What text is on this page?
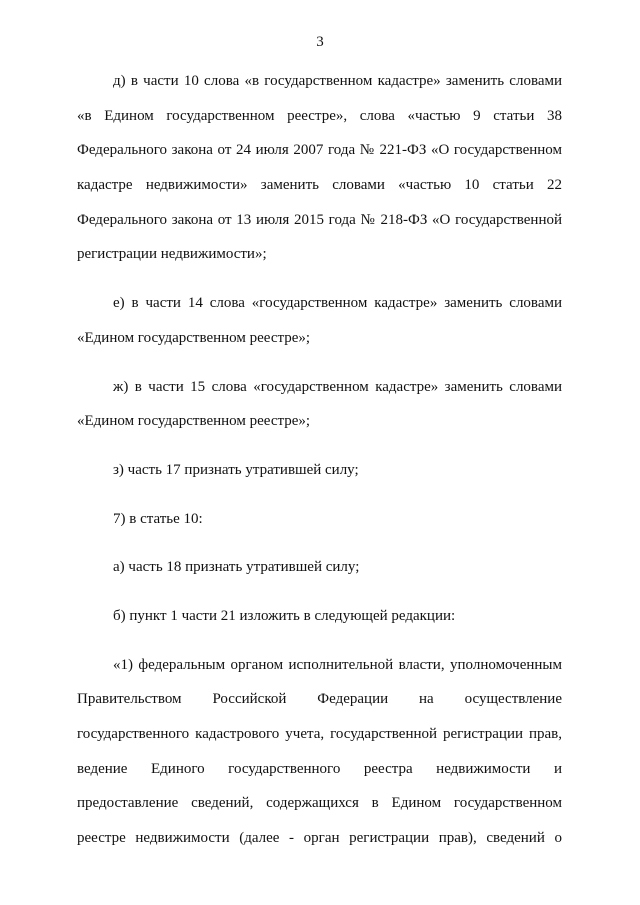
3
д) в части 10 слова «в государственном кадастре» заменить словами
«в Едином государственном реестре», слова «частью 9 статьи 38
Федерального закона от 24 июля 2007 года № 221-ФЗ «О государственном
кадастре недвижимости» заменить словами «частью 10 статьи 22
Федерального закона от 13 июля 2015 года № 218-ФЗ «О государственной
регистрации недвижимости»;
е) в части 14 слова «государственном кадастре» заменить словами
«Едином государственном реестре»;
ж) в части 15 слова «государственном кадастре» заменить словами
«Едином государственном реестре»;
з) часть 17 признать утратившей силу;
7) в статье 10:
а) часть 18 признать утратившей силу;
б) пункт 1 части 21 изложить в следующей редакции:
«1) федеральным органом исполнительной власти, уполномоченным
Правительством Российской Федерации на осуществление
государственного кадастрового учета, государственной регистрации прав,
ведение Единого государственного реестра недвижимости и
предоставление сведений, содержащихся в Едином государственном
реестре недвижимости (далее - орган регистрации прав), сведений о
